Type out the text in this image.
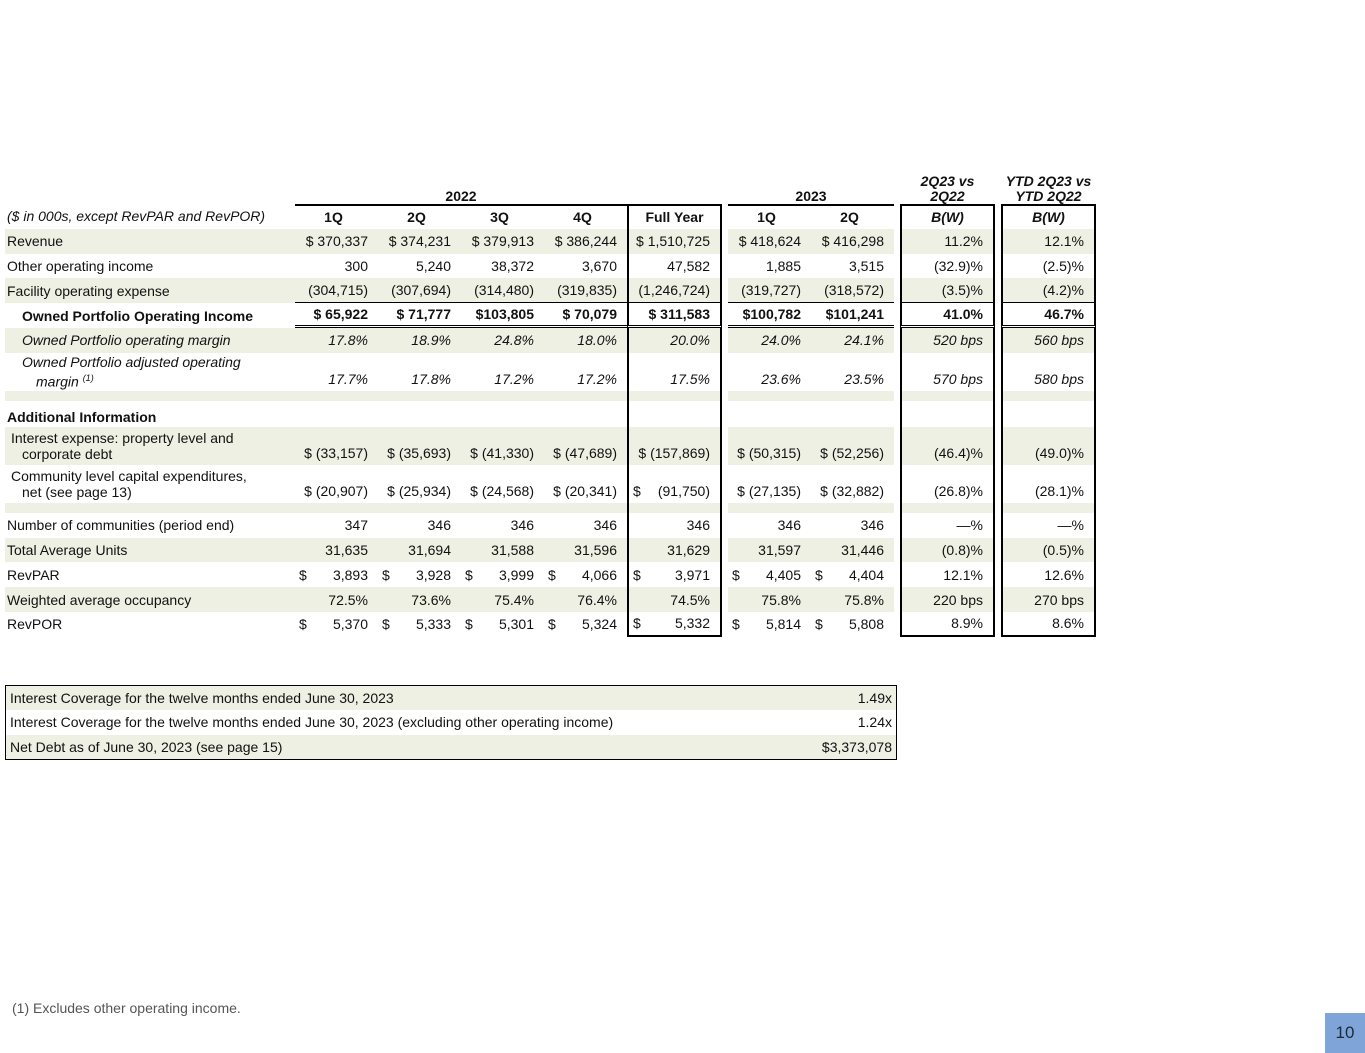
	2022						2023			2Q23 vs 2Q22		YTD 2Q23 vs YTD 2Q22
($ in 000s, except RevPAR and RevPOR)	1Q	2Q	3Q	4Q	Full Year		1Q	2Q		B(W)		B(W)
Revenue	$ 370,337	$ 374,231	$ 379,913	$ 386,244	$ 1,510,725		$ 418,624	$ 416,298		11.2%		12.1%
Other operating income	300	5,240	38,372	3,670	47,582		1,885	3,515		(32.9)%		(2.5)%
Facility operating expense	(304,715)	(307,694)	(314,480)	(319,835)	(1,246,724)		(319,727)	(318,572)		(3.5)%		(4.2)%
Owned Portfolio Operating Income	$ 65,922	$ 71,777	$103,805	$ 70,079	$ 311,583		$100,782	$101,241		41.0%		46.7%
Owned Portfolio operating margin	17.8%	18.9%	24.8%	18.0%	20.0%		24.0%	24.1%		520 bps		560 bps
Owned Portfolio adjusted operating
margin $^{(1)}$	17.7%	17.8%	17.2%	17.2%	17.5%		23.6%	23.5%		570 bps		580 bps

Additional Information												
Interest expense: property level and
corporate debt	$ (33,157)	$ (35,693)	$ (41,330)	$ (47,689)	$ (157,869)		$ (50,315)	$ (52,256)		(46.4)%		(49.0)%
Community level capital expenditures,
net (see page 13)	$ (20,907)	$ (25,934)	$ (24,568)	$ (20,341)	$ (91,750)		$ (27,135)	$ (32,882)		(26.8)%		(28.1)%

Number of communities (period end)	347	346	346	346	346		346	346		—%		—%
Total Average Units	31,635	31,694	31,588	31,596	31,629		31,597	31,446		(0.8)%		(0.5)%
RevPAR	$ 3,893	$ 3,928	$ 3,999	$ 4,066	$ 3,971		$ 4,405	$ 4,404		12.1%		12.6%
Weighted average occupancy	72.5%	73.6%	75.4%	76.4%	74.5%		75.8%	75.8%		220 bps		270 bps
RevPOR	$ 5,370	$ 5,333	$ 5,301	$ 5,324	$ 5,332		$ 5,814	$ 5,808		8.9%		8.6%
Interest Coverage for the twelve months ended June 30, 2023	1.49x
Interest Coverage for the twelve months ended June 30, 2023 (excluding other operating income)	1.24x
Net Debt as of June 30, 2023 (see page 15)	$3,373,078
(1) Excludes other operating income.
10
